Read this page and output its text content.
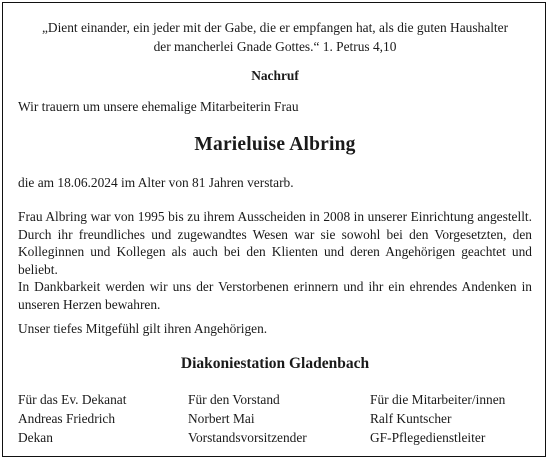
„Dient einander, ein jeder mit der Gabe, die er empfangen hat, als die guten Haushalter
der mancherlei Gnade Gottes.“ 1. Petrus 4,10
Nachruf
Wir trauern um unsere ehemalige Mitarbeiterin Frau
Marieluise Albring
die am 18.06.2024 im Alter von 81 Jahren verstarb.

Frau Albring war von 1995 bis zu ihrem Ausscheiden in 2008 in unserer Einrichtung angestellt. Durch ihr freundliches und zugewandtes Wesen war sie sowohl bei den Vorgesetzten, den Kolleginnen und Kollegen als auch bei den Klienten und deren Angehörigen geachtet und beliebt.

In Dankbarkeit werden wir uns der Verstorbenen erinnern und ihr ein ehrendes Andenken in unseren Herzen bewahren.

Unser tiefes Mitgefühl gilt ihren Angehörigen.
Diakoniestation Gladenbach
Für das Ev. Dekanat
Andreas Friedrich
Dekan
Für den Vorstand
Norbert Mai
Vorstandsvorsitzender
Für die Mitarbeiter/innen
Ralf Kuntscher
GF-Pflegedienstleiter
